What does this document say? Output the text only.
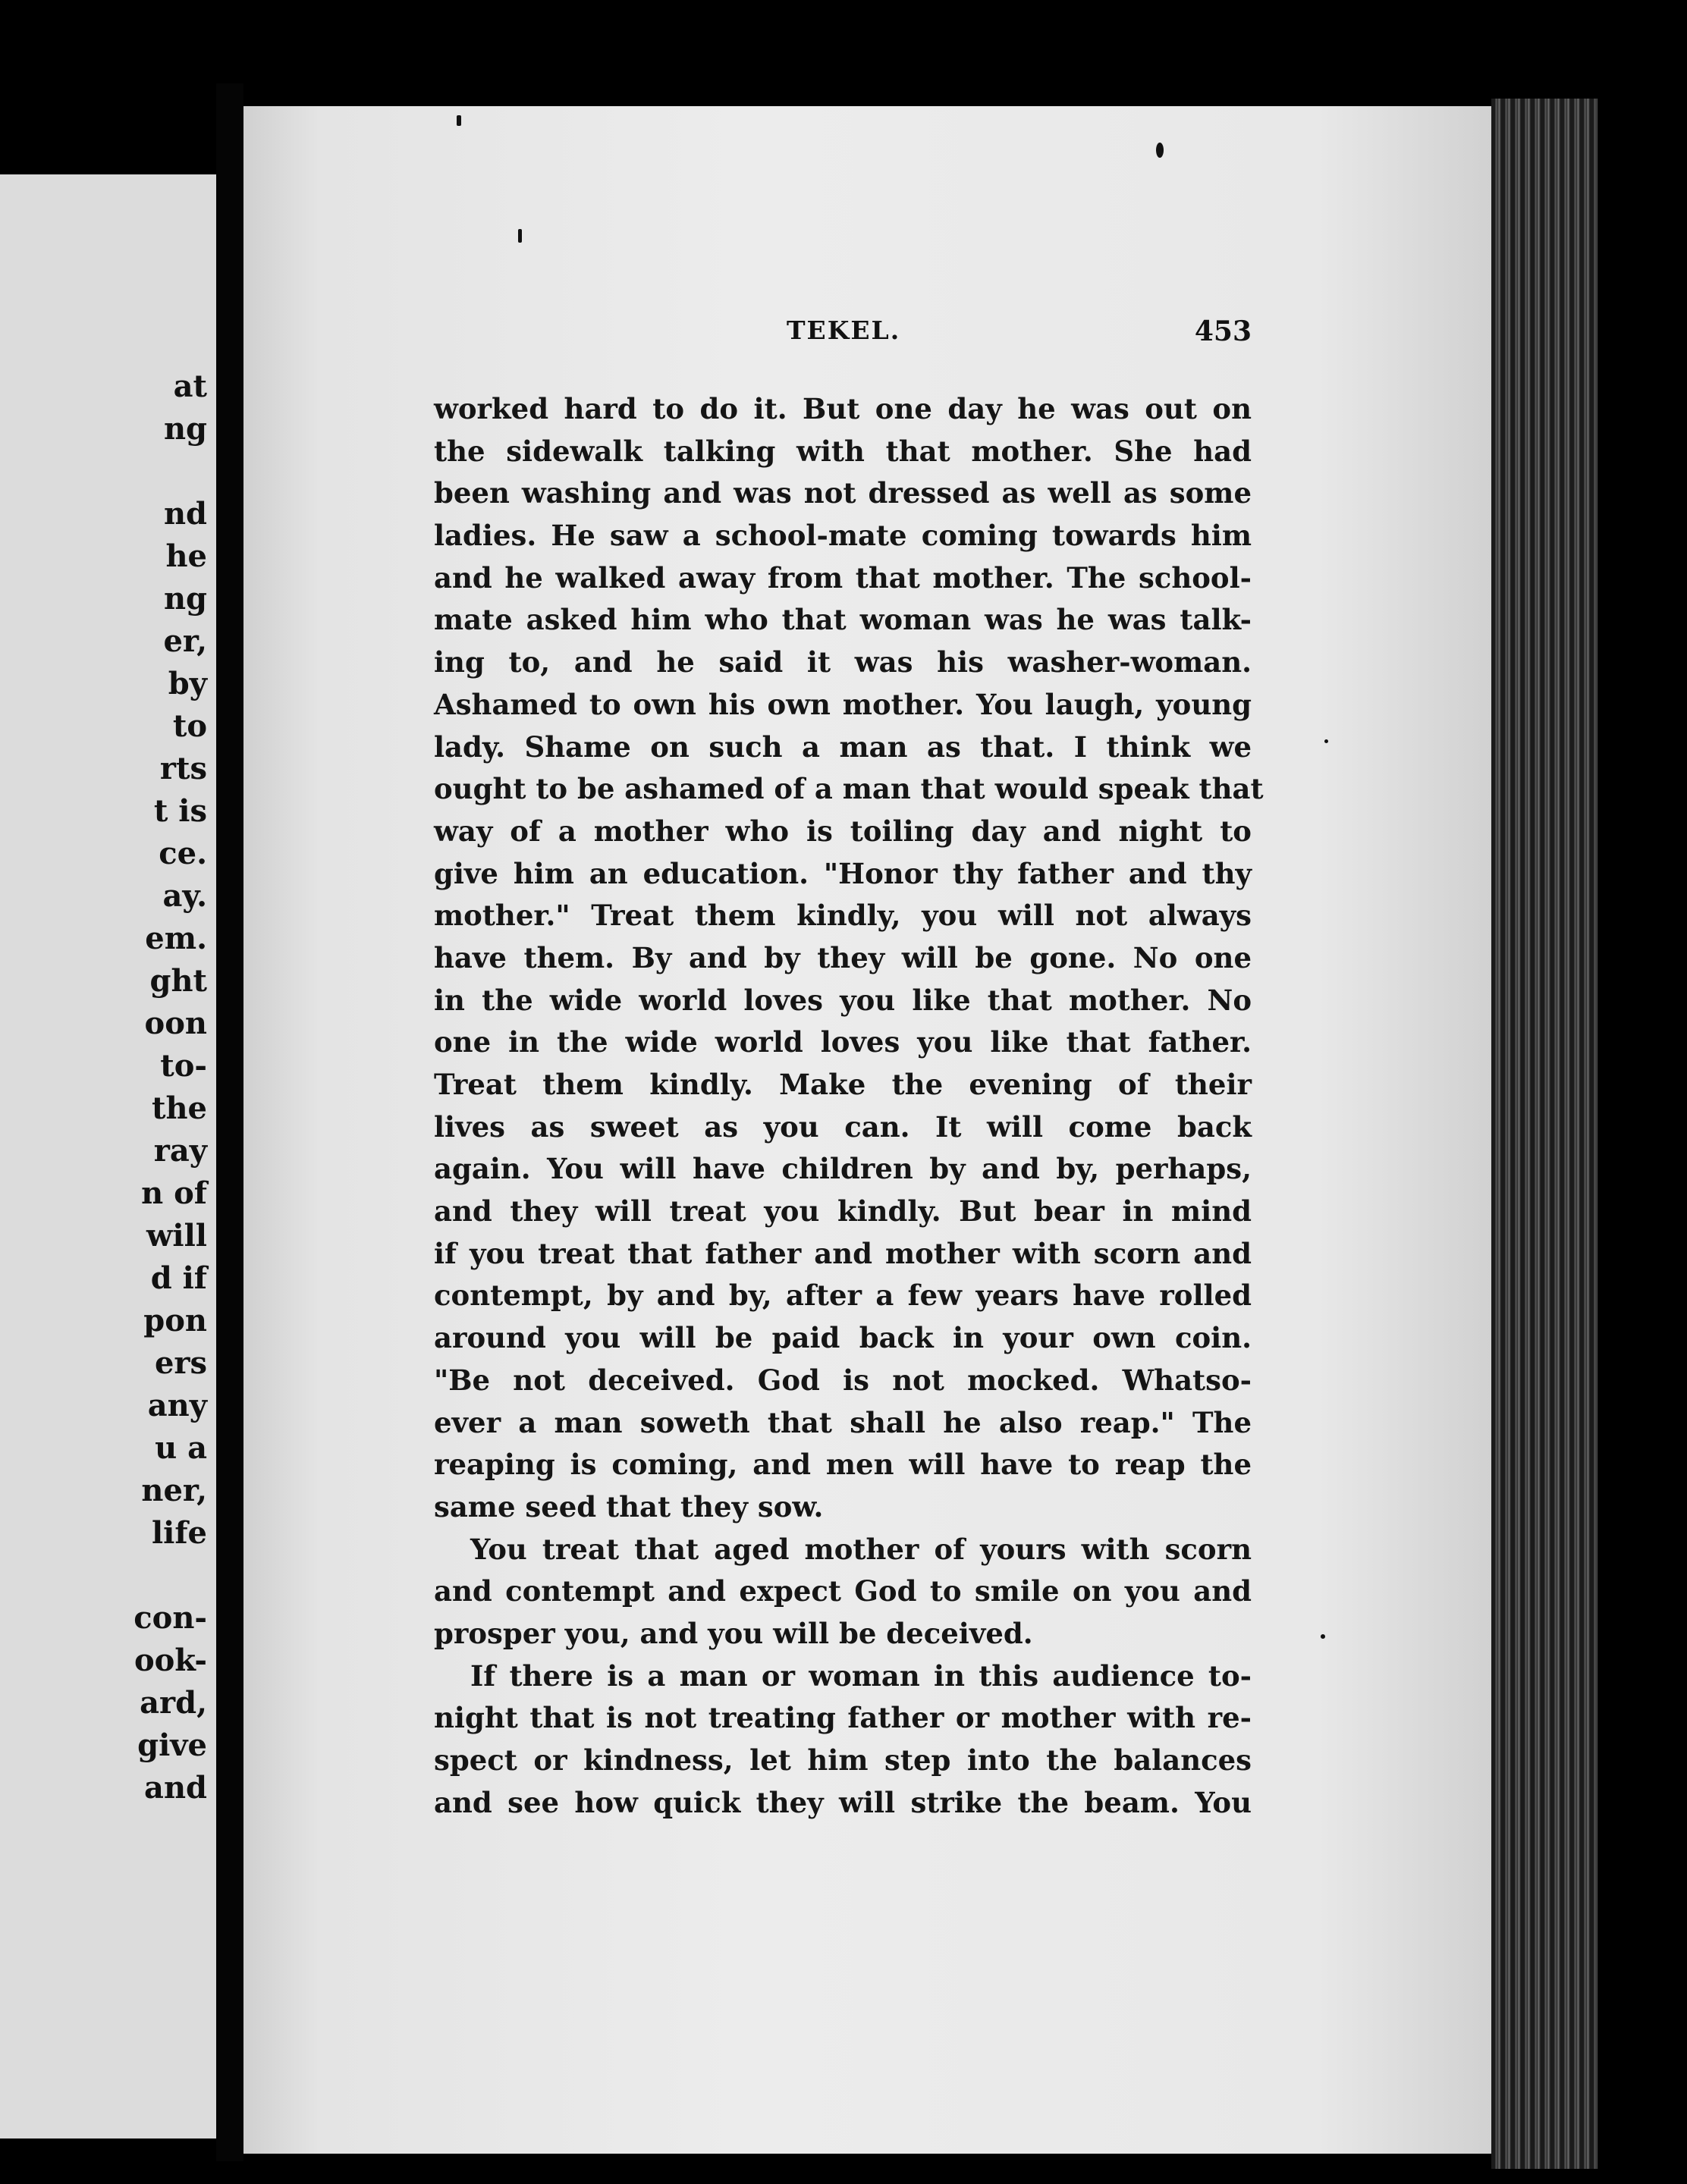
at
ng
nd
he
ng
er,
by
to
rts
t is
ce.
ay.
em.
ght
oon
to-
the
ray
n of
will
d if
pon
ers
any
u a
ner,
life
con-
ook-
ard,
give
and
TEKEL.	453
worked hard to do it. But one day he was out on
the sidewalk talking with that mother. She had
been washing and was not dressed as well as some
ladies. He saw a school-mate coming towards him
and he walked away from that mother. The school-
mate asked him who that woman was he was talk-
ing to, and he said it was his washer-woman.
Ashamed to own his own mother. You laugh, young
lady. Shame on such a man as that. I think we
ought to be ashamed of a man that would speak that
way of a mother who is toiling day and night to
give him an education. "Honor thy father and thy
mother." Treat them kindly, you will not always
have them. By and by they will be gone. No one
in the wide world loves you like that mother. No
one in the wide world loves you like that father.
Treat them kindly. Make the evening of their
lives as sweet as you can. It will come back
again. You will have children by and by, perhaps,
and they will treat you kindly. But bear in mind
if you treat that father and mother with scorn and
contempt, by and by, after a few years have rolled
around you will be paid back in your own coin.
"Be not deceived. God is not mocked. Whatso-
ever a man soweth that shall he also reap." The
reaping is coming, and men will have to reap the
same seed that they sow.
You treat that aged mother of yours with scorn
and contempt and expect God to smile on you and
prosper you, and you will be deceived.
If there is a man or woman in this audience to-
night that is not treating father or mother with re-
spect or kindness, let him step into the balances
and see how quick they will strike the beam. You
